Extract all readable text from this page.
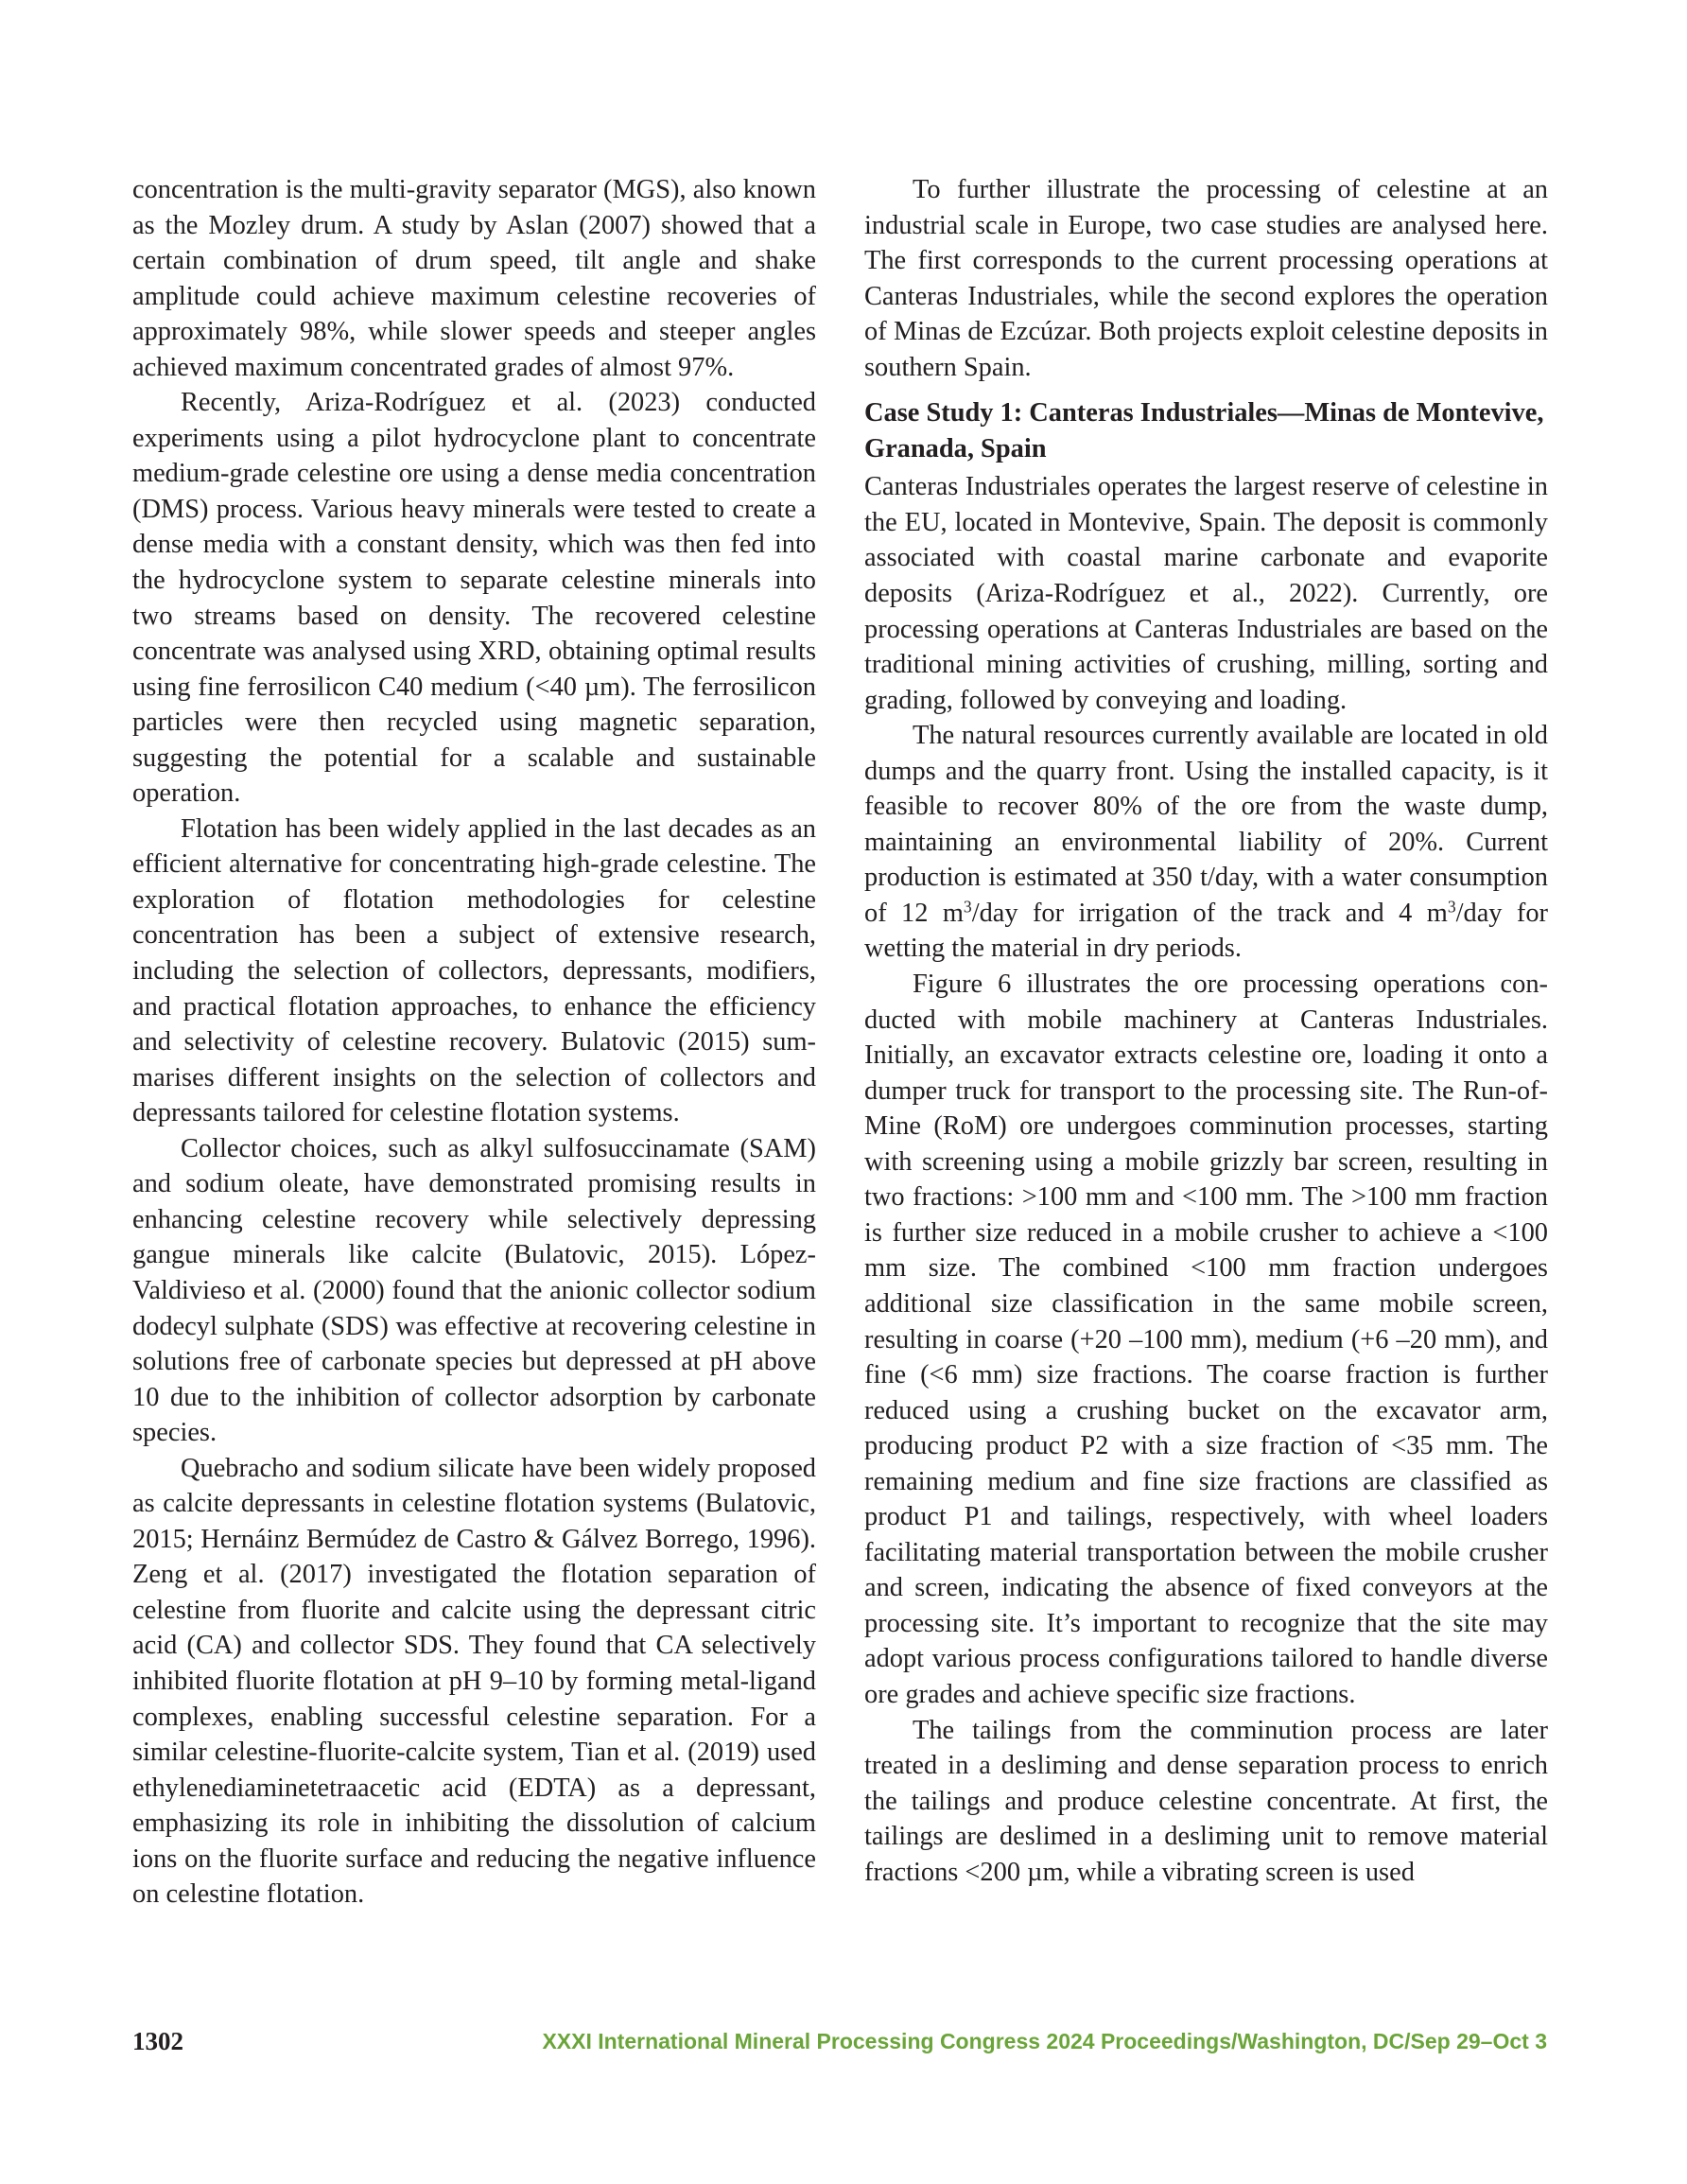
concentration is the multi-gravity separator (MGS), also known as the Mozley drum. A study by Aslan (2007) showed that a certain combination of drum speed, tilt angle and shake amplitude could achieve maximum celestine recoveries of approximately 98%, while slower speeds and steeper angles achieved maximum concentrated grades of almost 97%.

Recently, Ariza-Rodríguez et al. (2023) conducted experiments using a pilot hydrocyclone plant to concentrate medium-grade celestine ore using a dense media concentration (DMS) process. Various heavy minerals were tested to create a dense media with a constant density, which was then fed into the hydrocyclone system to separate celestine minerals into two streams based on density. The recovered celestine concentrate was analysed using XRD, obtaining optimal results using fine ferrosilicon C40 medium (<40 µm). The ferrosilicon particles were then recycled using magnetic separation, suggesting the potential for a scalable and sustainable operation.

Flotation has been widely applied in the last decades as an efficient alternative for concentrating high-grade celestine. The exploration of flotation methodologies for celestine concentration has been a subject of extensive research, including the selection of collectors, depressants, modifiers, and practical flotation approaches, to enhance the efficiency and selectivity of celestine recovery. Bulatovic (2015) summarises different insights on the selection of collectors and depressants tailored for celestine flotation systems.

Collector choices, such as alkyl sulfosuccinamate (SAM) and sodium oleate, have demonstrated promising results in enhancing celestine recovery while selectively depressing gangue minerals like calcite (Bulatovic, 2015). López-Valdivieso et al. (2000) found that the anionic collector sodium dodecyl sulphate (SDS) was effective at recovering celestine in solutions free of carbonate species but depressed at pH above 10 due to the inhibition of collector adsorption by carbonate species.

Quebracho and sodium silicate have been widely proposed as calcite depressants in celestine flotation systems (Bulatovic, 2015; Hernáinz Bermúdez de Castro & Gálvez Borrego, 1996). Zeng et al. (2017) investigated the flotation separation of celestine from fluorite and calcite using the depressant citric acid (CA) and collector SDS. They found that CA selectively inhibited fluorite flotation at pH 9–10 by forming metal-ligand complexes, enabling successful celestine separation. For a similar celestine-fluorite-calcite system, Tian et al. (2019) used ethylenediaminetetraacetic acid (EDTA) as a depressant, emphasizing its role in inhibiting the dissolution of calcium ions on the fluorite surface and reducing the negative influence on celestine flotation.

To further illustrate the processing of celestine at an industrial scale in Europe, two case studies are analysed here. The first corresponds to the current processing operations at Canteras Industriales, while the second explores the operation of Minas de Ezcúzar. Both projects exploit celestine deposits in southern Spain.

Case Study 1: Canteras Industriales—Minas de Montevive, Granada, Spain

Canteras Industriales operates the largest reserve of celestine in the EU, located in Montevive, Spain. The deposit is commonly associated with coastal marine carbonate and evaporite deposits (Ariza-Rodríguez et al., 2022). Currently, ore processing operations at Canteras Industriales are based on the traditional mining activities of crushing, milling, sorting and grading, followed by conveying and loading.

The natural resources currently available are located in old dumps and the quarry front. Using the installed capacity, is it feasible to recover 80% of the ore from the waste dump, maintaining an environmental liability of 20%. Current production is estimated at 350 t/day, with a water consumption of 12 $m^3$/day for irrigation of the track and 4 $m^3$/day for wetting the material in dry periods.

Figure 6 illustrates the ore processing operations conducted with mobile machinery at Canteras Industriales. Initially, an excavator extracts celestine ore, loading it onto a dumper truck for transport to the processing site. The Run-of-Mine (RoM) ore undergoes comminution processes, starting with screening using a mobile grizzly bar screen, resulting in two fractions: >100 mm and <100 mm. The >100 mm fraction is further size reduced in a mobile crusher to achieve a <100 mm size. The combined <100 mm fraction undergoes additional size classification in the same mobile screen, resulting in coarse (+20 –100 mm), medium (+6 –20 mm), and fine (<6 mm) size fractions. The coarse fraction is further reduced using a crushing bucket on the excavator arm, producing product P2 with a size fraction of <35 mm. The remaining medium and fine size fractions are classified as product P1 and tailings, respectively, with wheel loaders facilitating material transportation between the mobile crusher and screen, indicating the absence of fixed conveyors at the processing site. It’s important to recognize that the site may adopt various process configurations tailored to handle diverse ore grades and achieve specific size fractions.

The tailings from the comminution process are later treated in a desliming and dense separation process to enrich the tailings and produce celestine concentrate. At first, the tailings are deslimed in a desliming unit to remove material fractions <200 µm, while a vibrating screen is used

1302	XXXI International Mineral Processing Congress 2024 Proceedings/Washington, DC/Sep 29–Oct 3
